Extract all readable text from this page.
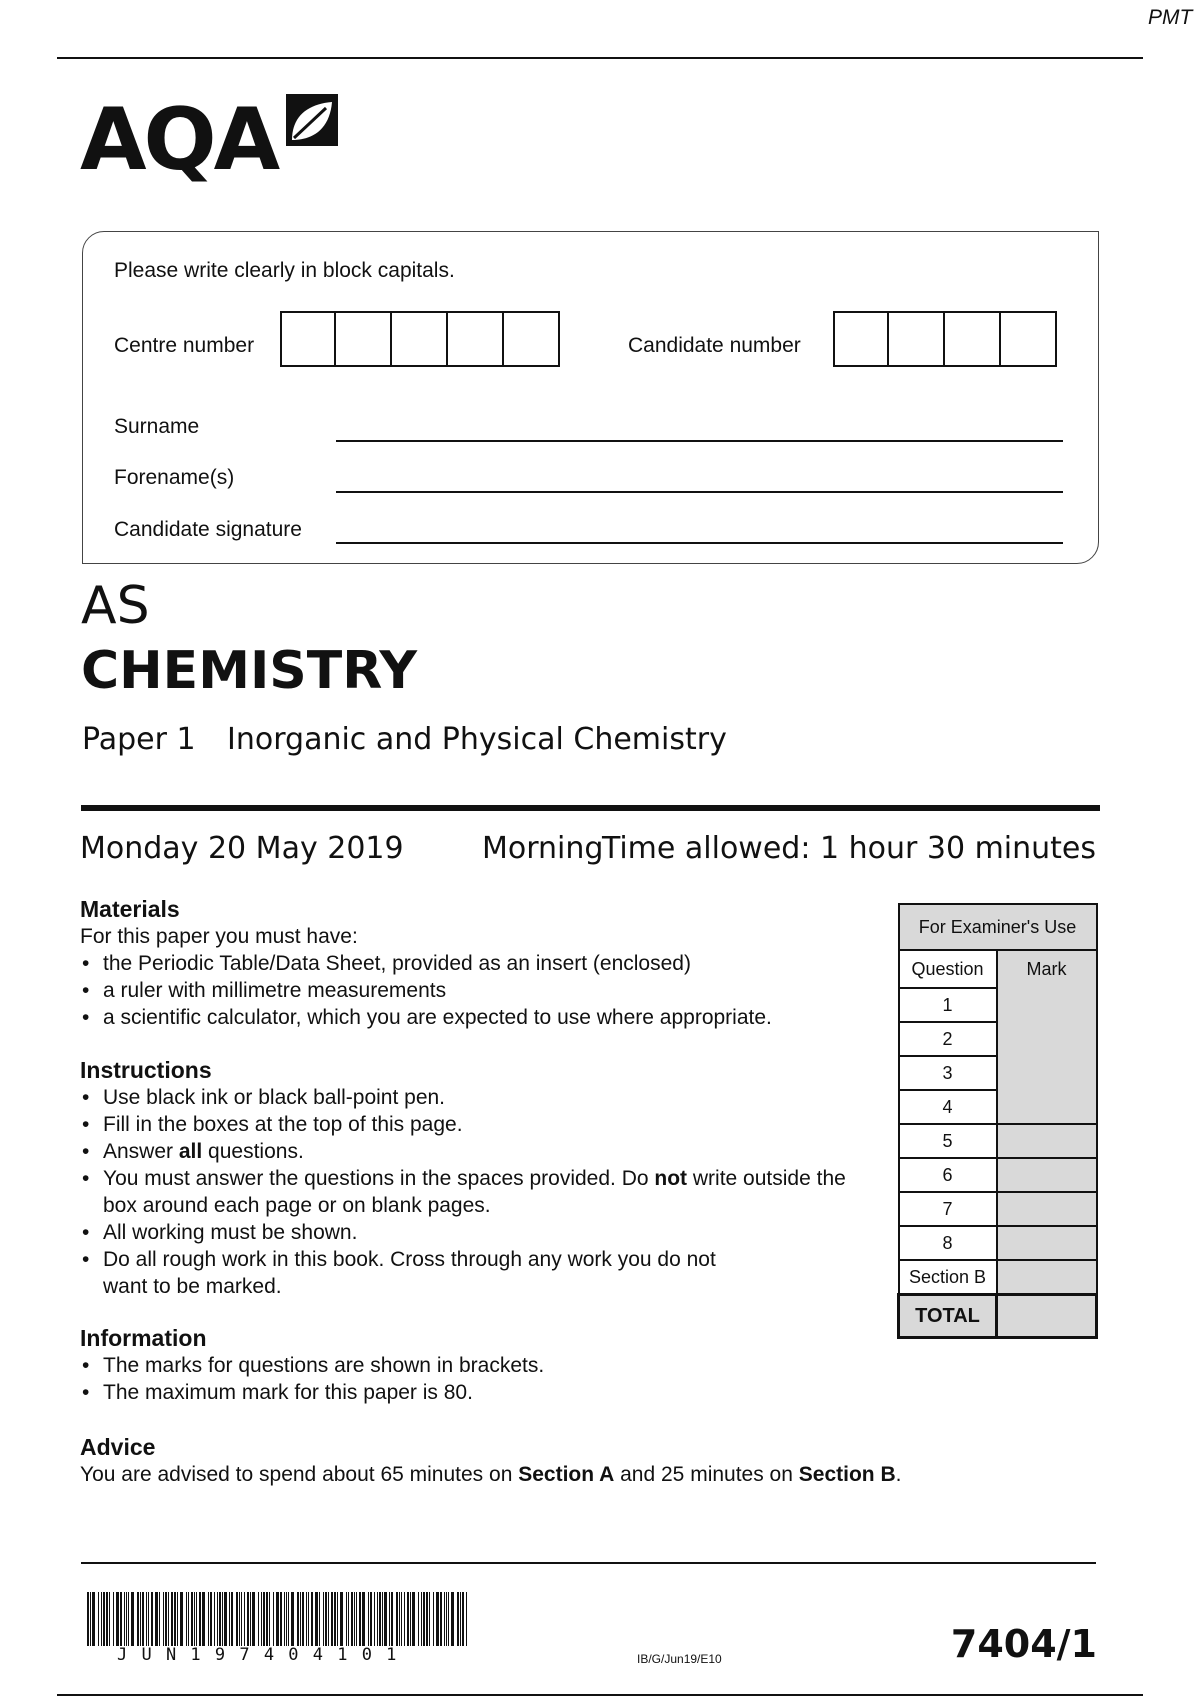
PMT
AQA
Please write clearly in block capitals.
Centre number	Candidate number
Surname
Forename(s)
Candidate signature
AS
CHEMISTRY
Paper 1 Inorganic and Physical Chemistry
Monday 20 May 2019	Morning
Time allowed: 1 hour 30 minutes

Materials

For this paper you must have:

• the Periodic Table/Data Sheet, provided as an insert (enclosed)
• a ruler with millimetre measurements
• a scientific calculator, which you are expected to use where appropriate.

Instructions

• Use black ink or black ball-point pen.
• Fill in the boxes at the top of this page.
• Answer all questions.
• You must answer the questions in the spaces provided. Do not write outside the box around each page or on blank pages.
• All working must be shown.
• Do all rough work in this book. Cross through any work you do not want to be marked.

Information

• The marks for questions are shown in brackets.
• The maximum mark for this paper is 80.

Advice

You are advised to spend about 65 minutes on Section A and 25 minutes on Section B.

For Examiner's Use	
Question	Mark
1	
2	
3	
4	
5	
6	
7	
8	
Section B	
TOTAL	
J U N 1 9 7 4 0 4 1 0 1	IB/G/Jun19/E10	7404/1
